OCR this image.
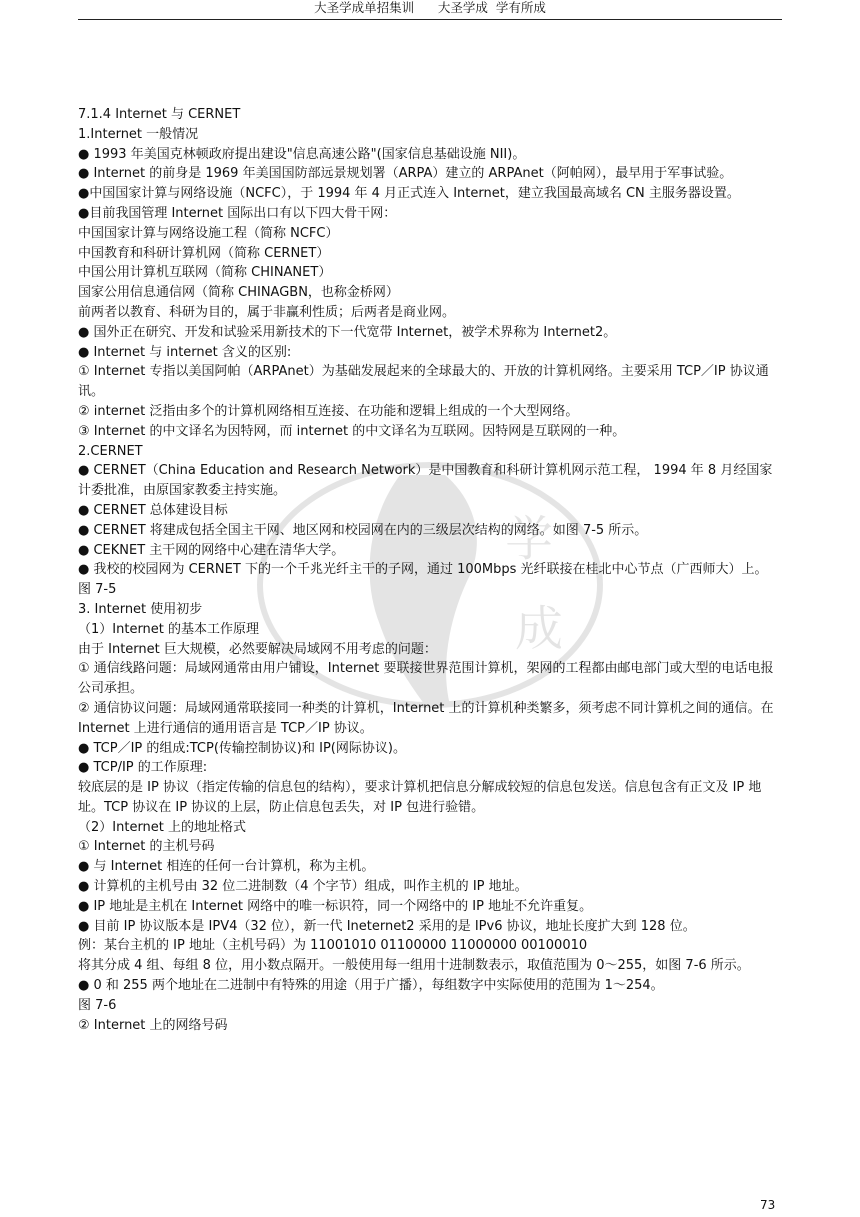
大圣学成单招集训      大圣学成  学有所成
学
成

7.1.4 Internet 与 CERNET

1.Internet 一般情况

● 1993 年美国克林顿政府提出建设"信息高速公路"(国家信息基础设施 NII)。

● Internet 的前身是 1969 年美国国防部远景规划署（ARPA）建立的 ARPAnet（阿帕网），最早用于军事试验。

●中国国家计算与网络设施（NCFC），于 1994 年 4 月正式连入 Internet，建立我国最高域名 CN 主服务器设置。

●目前我国管理 Internet 国际出口有以下四大骨干网：

中国国家计算与网络设施工程（简称 NCFC）

中国教育和科研计算机网（简称 CERNET）

中国公用计算机互联网（简称 CHINANET）

国家公用信息通信网（简称 CHINAGBN，也称金桥网）

前两者以教育、科研为目的，属于非赢利性质；后两者是商业网。

● 国外正在研究、开发和试验采用新技术的下一代宽带 Internet，被学术界称为 Internet2。

● Internet 与 internet 含义的区别:

① Internet 专指以美国阿帕（ARPAnet）为基础发展起来的全球最大的、开放的计算机网络。主要采用 TCP／IP 协议通讯。

② internet 泛指由多个的计算机网络相互连接、在功能和逻辑上组成的一个大型网络。

③ Internet 的中文译名为因特网，而 internet 的中文译名为互联网。因特网是互联网的一种。

2.CERNET

● CERNET（China Education and Research Network）是中国教育和科研计算机网示范工程， 1994 年 8 月经国家计委批准，由原国家教委主持实施。

● CERNET 总体建设目标

● CERNET 将建成包括全国主干网、地区网和校园网在内的三级层次结构的网络。如图 7-5 所示。

● CEKNET 主干网的网络中心建在清华大学。

● 我校的校园网为 CERNET 下的一个千兆光纤主干的子网，通过 100Mbps 光纤联接在桂北中心节点（广西师大）上。

图 7-5

3. Internet 使用初步

（1）Internet 的基本工作原理

由于 Internet 巨大规模，必然要解决局域网不用考虑的问题：

① 通信线路问题：局域网通常由用户铺设，Internet 要联接世界范围计算机，架网的工程都由邮电部门或大型的电话电报公司承担。

② 通信协议问题：局域网通常联接同一种类的计算机，Internet 上的计算机种类繁多，须考虑不同计算机之间的通信。在 Internet 上进行通信的通用语言是 TCP／IP 协议。

● TCP／IP 的组成:TCP(传输控制协议)和 IP(网际协议)。

● TCP/IP 的工作原理:

较底层的是 IP 协议（指定传输的信息包的结构），要求计算机把信息分解成较短的信息包发送。信息包含有正文及 IP 地址。TCP 协议在 IP 协议的上层，防止信息包丢失，对 IP 包进行验错。

（2）Internet 上的地址格式

① Internet 的主机号码

● 与 Internet 相连的任何一台计算机，称为主机。

● 计算机的主机号由 32 位二进制数（4 个字节）组成，叫作主机的 IP 地址。

● IP 地址是主机在 Internet 网络中的唯一标识符，同一个网络中的 IP 地址不允许重复。

● 目前 IP 协议版本是 IPV4（32 位），新一代 Ineternet2 采用的是 IPv6 协议，地址长度扩大到 128 位。

例：某台主机的 IP 地址（主机号码）为 11001010 01100000 11000000 00100010

将其分成 4 组、每组 8 位，用小数点隔开。一般使用每一组用十进制数表示，取值范围为 0～255，如图 7-6 所示。

● 0 和 255 两个地址在二进制中有特殊的用途（用于广播），每组数字中实际使用的范围为 1～254。

图 7-6

② Internet 上的网络号码

73
